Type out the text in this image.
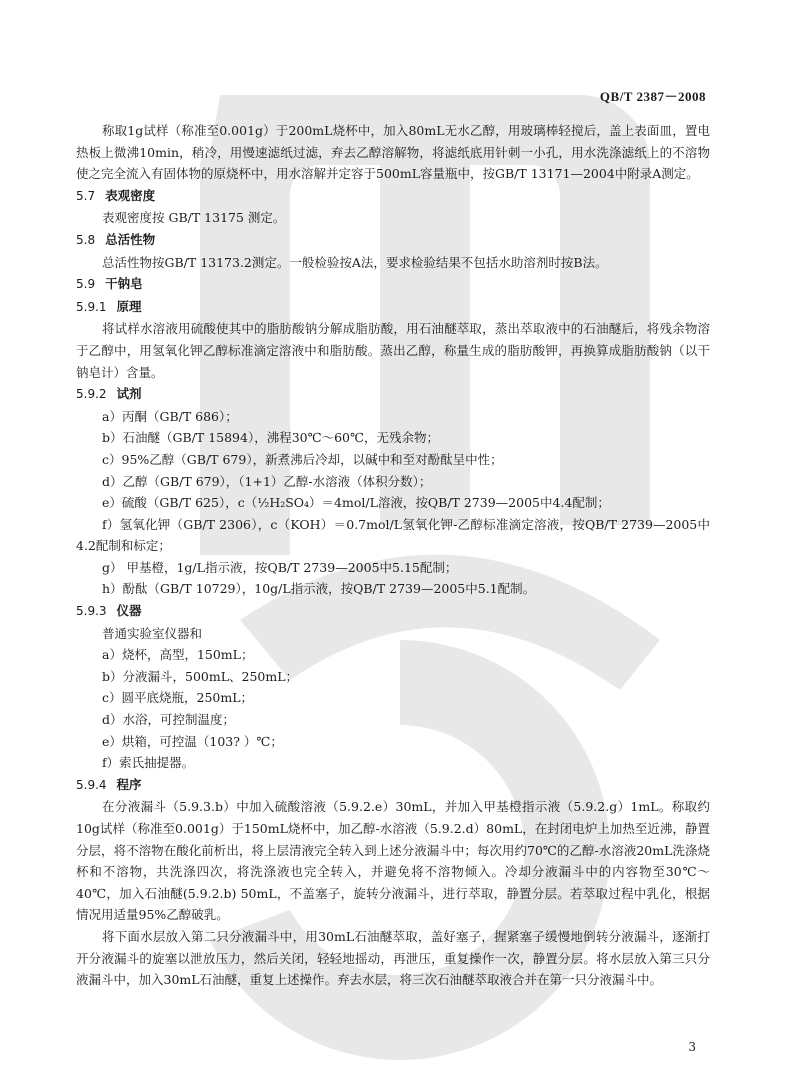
QB/T 2387－2008

称取1g试样（称准至0.001g）于200mL烧杯中，加入80mL无水乙醇，用玻璃棒轻搅后，盖上表面皿，置电热板上微沸10min，稍冷，用慢速滤纸过滤，弃去乙醇溶解物，将滤纸底用针刺一小孔，用水洗涤滤纸上的不溶物使之完全流入有固体物的原烧杯中，用水溶解并定容于500mL容量瓶中，按GB/T 13171—2004中附录A测定。

5.7 表观密度

表观密度按 GB/T 13175 测定。

5.8 总活性物

总活性物按GB/T 13173.2测定。一般检验按A法，要求检验结果不包括水助溶剂时按B法。

5.9 干钠皂

5.9.1 原理

将试样水溶液用硫酸使其中的脂肪酸钠分解成脂肪酸，用石油醚萃取，蒸出萃取液中的石油醚后，将残余物溶于乙醇中，用氢氧化钾乙醇标准滴定溶液中和脂肪酸。蒸出乙醇，称量生成的脂肪酸钾，再换算成脂肪酸钠（以干钠皂计）含量。

5.9.2 试剂

a）丙酮（GB/T 686）；

b）石油醚（GB/T 15894），沸程30℃～60℃，无残余物；

c）95%乙醇（GB/T 679），新煮沸后冷却，以碱中和至对酚酞呈中性；

d）乙醇（GB/T 679），（1+1）乙醇-水溶液（体积分数）；

e）硫酸（GB/T 625），c（½H₂SO₄）＝4mol/L溶液，按QB/T 2739—2005中4.4配制；

f）氢氧化钾（GB/T 2306），c（KOH）＝0.7mol/L氢氧化钾-乙醇标准滴定溶液，按QB/T 2739—2005中4.2配制和标定；

g） 甲基橙，1g/L指示液，按QB/T 2739—2005中5.15配制；

h）酚酞（GB/T 10729），10g/L指示液，按QB/T 2739—2005中5.1配制。

5.9.3 仪器

普通实验室仪器和

a）烧杯，高型，150mL；

b）分液漏斗，500mL、250mL；

c）圆平底烧瓶，250mL；

d）水浴，可控制温度；

e）烘箱，可控温（103? ）℃；

f）索氏抽提器。

5.9.4 程序

在分液漏斗（5.9.3.b）中加入硫酸溶液（5.9.2.e）30mL，并加入甲基橙指示液（5.9.2.g）1mL。称取约10g试样（称准至0.001g）于150mL烧杯中，加乙醇-水溶液（5.9.2.d）80mL，在封闭电炉上加热至近沸，静置分层，将不溶物在酸化前析出，将上层清液完全转入到上述分液漏斗中；每次用约70℃的乙醇-水溶液20mL洗涤烧杯和不溶物，共洗涤四次，将洗涤液也完全转入，并避免将不溶物倾入。冷却分液漏斗中的内容物至30℃～40℃，加入石油醚(5.9.2.b) 50mL，不盖塞子，旋转分液漏斗，进行萃取，静置分层。若萃取过程中乳化，根据情况用适量95%乙醇破乳。

将下面水层放入第二只分液漏斗中，用30mL石油醚萃取，盖好塞子，握紧塞子缓慢地倒转分液漏斗，逐渐打开分液漏斗的旋塞以泄放压力，然后关闭，轻轻地摇动，再泄压，重复操作一次，静置分层。将水层放入第三只分液漏斗中，加入30mL石油醚，重复上述操作。弃去水层，将三次石油醚萃取液合并在第一只分液漏斗中。

3
